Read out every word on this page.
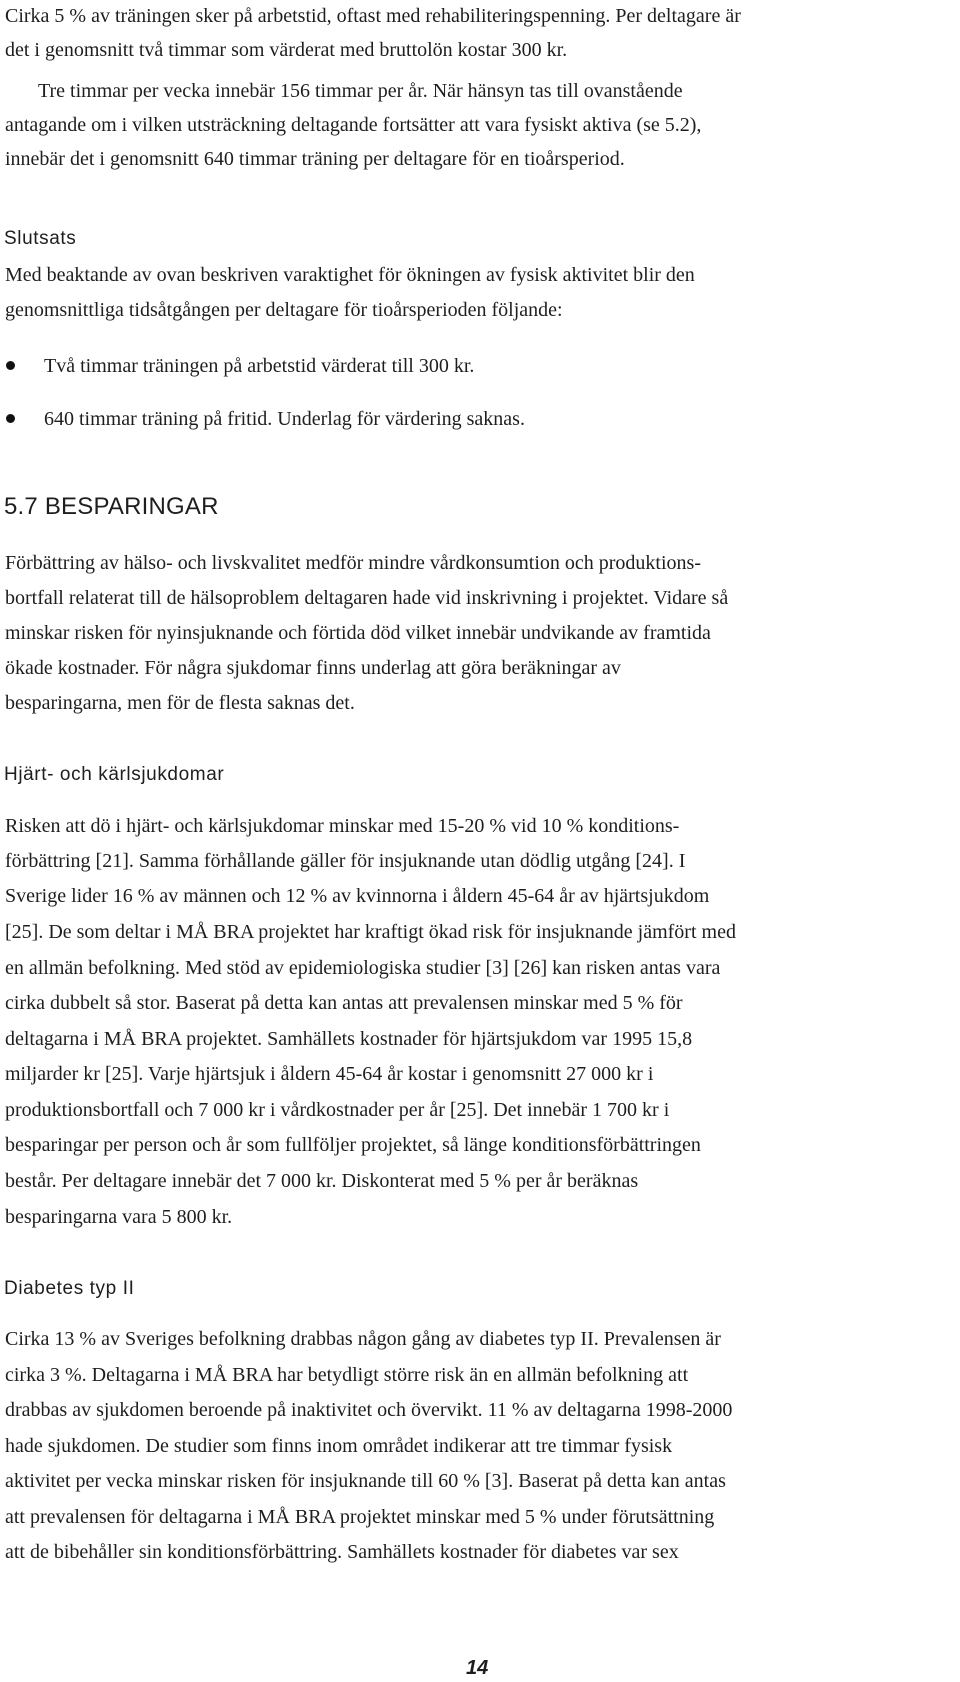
Cirka 5 % av träningen sker på arbetstid, oftast med rehabiliteringspenning. Per deltagare är
det i genomsnitt två timmar som värderat med bruttolön kostar 300 kr.
Tre timmar per vecka innebär 156 timmar per år. När hänsyn tas till ovanstående
antagande om i vilken utsträckning deltagande fortsätter att vara fysiskt aktiva (se 5.2),
innebär det i genomsnitt 640 timmar träning per deltagare för en tioårsperiod.
Slutsats
Med beaktande av ovan beskriven varaktighet för ökningen av fysisk aktivitet blir den
genomsnittliga tidsåtgången per deltagare för tioårsperioden följande:
Två timmar träningen på arbetstid värderat till 300 kr.
640 timmar träning på fritid. Underlag för värdering saknas.
5.7 BESPARINGAR
Förbättring av hälso- och livskvalitet medför mindre vårdkonsumtion och produktions-
bortfall relaterat till de hälsoproblem deltagaren hade vid inskrivning i projektet. Vidare så
minskar risken för nyinsjuknande och förtida död vilket innebär undvikande av framtida
ökade kostnader. För några sjukdomar finns underlag att göra beräkningar av
besparingarna, men för de flesta saknas det.
Hjärt- och kärlsjukdomar
Risken att dö i hjärt- och kärlsjukdomar minskar med 15-20 % vid 10 % konditions-
förbättring [21]. Samma förhållande gäller för insjuknande utan dödlig utgång [24]. I
Sverige lider 16 % av männen och 12 % av kvinnorna i åldern 45-64 år av hjärtsjukdom
[25]. De som deltar i MÅ BRA projektet har kraftigt ökad risk för insjuknande jämfört med
en allmän befolkning. Med stöd av epidemiologiska studier [3] [26] kan risken antas vara
cirka dubbelt så stor. Baserat på detta kan antas att prevalensen minskar med 5 % för
deltagarna i MÅ BRA projektet. Samhällets kostnader för hjärtsjukdom var 1995 15,8
miljarder kr [25]. Varje hjärtsjuk i åldern 45-64 år kostar i genomsnitt 27 000 kr i
produktionsbortfall och 7 000 kr i vårdkostnader per år [25]. Det innebär 1 700 kr i
besparingar per person och år som fullföljer projektet, så länge konditionsförbättringen
består. Per deltagare innebär det 7 000 kr. Diskonterat med 5 % per år beräknas
besparingarna vara 5 800 kr.
Diabetes typ II
Cirka 13 % av Sveriges befolkning drabbas någon gång av diabetes typ II. Prevalensen är
cirka 3 %. Deltagarna i MÅ BRA har betydligt större risk än en allmän befolkning att
drabbas av sjukdomen beroende på inaktivitet och övervikt. 11 % av deltagarna 1998-2000
hade sjukdomen. De studier som finns inom området indikerar att tre timmar fysisk
aktivitet per vecka minskar risken för insjuknande till 60 % [3]. Baserat på detta kan antas
att prevalensen för deltagarna i MÅ BRA projektet minskar med 5 % under förutsättning
att de bibehåller sin konditionsförbättring. Samhällets kostnader för diabetes var sex
14
